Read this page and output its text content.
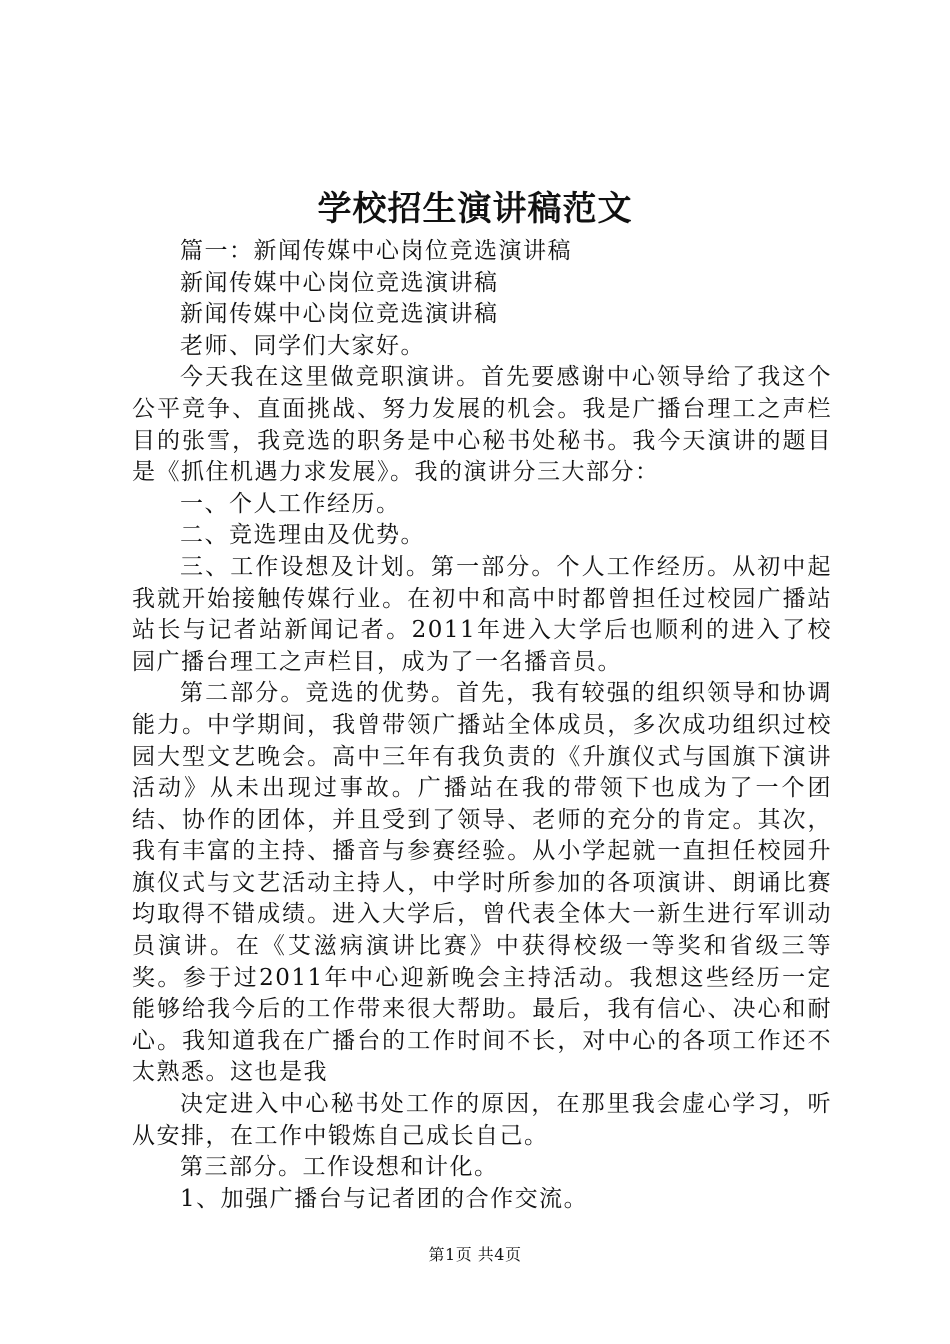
学校招生演讲稿范文

篇一：新闻传媒中心岗位竞选演讲稿

新闻传媒中心岗位竞选演讲稿

新闻传媒中心岗位竞选演讲稿

老师、同学们大家好。

今天我在这里做竞职演讲。首先要感谢中心领导给了我这个公平竞争、直面挑战、努力发展的机会。我是广播台理工之声栏目的张雪，我竞选的职务是中心秘书处秘书。我今天演讲的题目是《抓住机遇力求发展》。我的演讲分三大部分：

一、个人工作经历。

二、竞选理由及优势。

三、工作设想及计划。第一部分。个人工作经历。从初中起我就开始接触传媒行业。在初中和高中时都曾担任过校园广播站站长与记者站新闻记者。2011年进入大学后也顺利的进入了校园广播台理工之声栏目，成为了一名播音员。

第二部分。竞选的优势。首先，我有较强的组织领导和协调能力。中学期间，我曾带领广播站全体成员，多次成功组织过校园大型文艺晚会。高中三年有我负责的《升旗仪式与国旗下演讲活动》从未出现过事故。广播站在我的带领下也成为了一个团结、协作的团体，并且受到了领导、老师的充分的肯定。其次，我有丰富的主持、播音与参赛经验。从小学起就一直担任校园升旗仪式与文艺活动主持人，中学时所参加的各项演讲、朗诵比赛均取得不错成绩。进入大学后，曾代表全体大一新生进行军训动员演讲。在《艾滋病演讲比赛》中获得校级一等奖和省级三等奖。参于过2011年中心迎新晚会主持活动。我想这些经历一定能够给我今后的工作带来很大帮助。最后，我有信心、决心和耐心。我知道我在广播台的工作时间不长，对中心的各项工作还不太熟悉。这也是我

决定进入中心秘书处工作的原因，在那里我会虚心学习，听从安排，在工作中锻炼自己成长自己。

第三部分。工作设想和计化。

1、加强广播台与记者团的合作交流。

第1页 共4页
